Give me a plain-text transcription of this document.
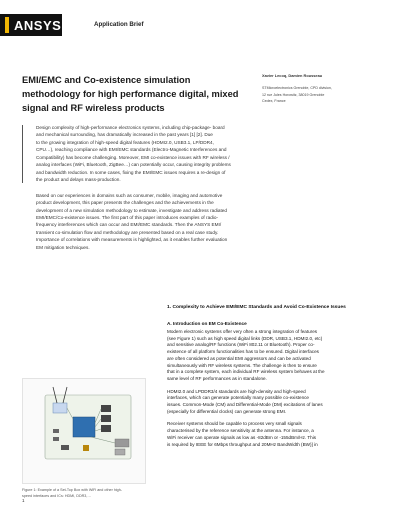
ANSYS	Application Brief
EMI/EMC and Co-existence simulation methodology for high performance digital, mixed signal and RF wireless products
Xavier Lecoq, Damien Rousseau
STMicroelectronics Grenoble, CPD division,
12 rue Jules Horowitz, 38019 Grenoble
Cedex, France
Design complexity of high-performance electronics systems, including chip-package- board
and mechanical surrounding, has dramatically increased in the past years [1] [2]. Due
to the growing integration of high-speed digital features (HDMI2.0, USB3.1, LP/DDR4,
CPU…), reaching compliance with EMI/EMC standards (Electro-Magnetic Interferences and
Compatibility) has become challenging. Moreover, EMI co-existence issues with RF wireless /
analog interfaces (WiFi, Bluetooth, ZigBee…) can potentially occur, causing integrity problems
and bandwidth reduction. In some cases, fixing the EMI/EMC issues requires a re-design of
the product and delays mass-production.
Based on our experiences in domains such as consumer, mobile, imaging and automotive
product development, this paper presents the challenges and the achievements in the
development of a new simulation methodology to estimate, investigate and address radiated
EMI/EMC/Co-existence issues. The first part of this paper introduces examples of radio-
frequency interferences which can occur and EMI/EMC standards. Then the ANSYS EMI/
transient co-simulation flow and methodology are presented based on a real case study.
Importance of correlations with measurements is highlighted, as it enables further evaluation
EM mitigation techniques.
1. Complexity to Achieve EMI/EMC Standards and Avoid Co-Existence Issues
A. Introduction on EM Co-Existence
Modern electronic systems offer very often a strong integration of features
(see Figure 1) such as high speed digital links (DDR, USB3.1, HDMI2.0, etc)
and sensitive analog/RF functions (WiFi 802.11 or Bluetooth). Proper co-
existence of all platform functionalities has to be ensured. Digital interfaces
are often considered as potential EMI aggressors and can be activated
simultaneously with RF wireless systems. The challenge is then to ensure
that in a complete system, each individual RF wireless system behaves at the
same level of RF performances as in standalone.
HDMI2.0 and LPDDR3/4 standards are high-density and high-speed
interfaces, which can generate potentially many possible co-existence
issues. Common-Mode (CM) and Differential-Mode (DM) excitations of lanes
(especially for differential clocks) can generate strong EMI.
Receiver systems should be capable to process very small signals
characterised by the reference sensitivity at the antenna. For instance, a
WiFi receiver can operate signals as low as -82dBm or -155dBm/Hz. This
is required by IEEE for 6Mbps throughput and 20MHz BandWidth (BW)] in
Figure 1: Example of a Set-Top Box with WiFi and other high-
speed interfaces and ICs: HDMI, DDR3,…
1
